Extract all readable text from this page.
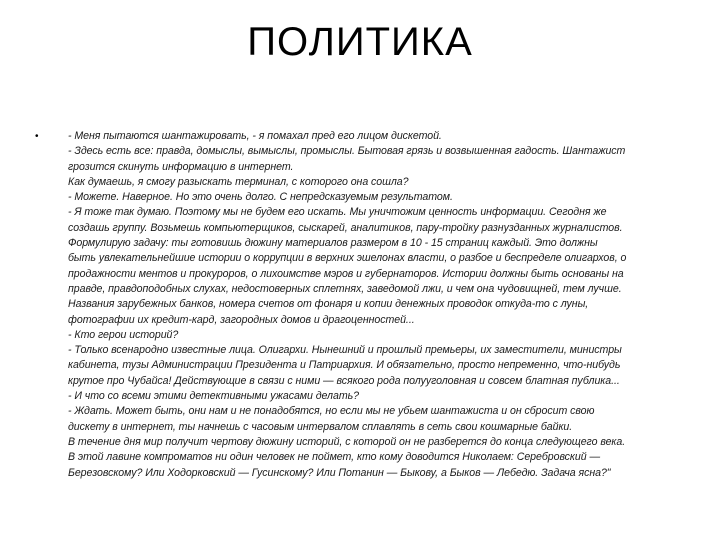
ПОЛИТИКА
•	- Меня пытаются шантажировать, - я помахал пред его лицом дискетой.
- Здесь есть все: правда, домыслы, вымыслы, промыслы. Бытовая грязь и возвышенная гадость. Шантажист
грозится скинуть информацию в интернет.
Как думаешь, я смогу разыскать терминал, с которого она сошла?
- Можете. Наверное. Но это очень долго. С непредсказуемым результатом.
- Я тоже так думаю. Поэтому мы не будем его искать. Мы уничтожим ценность информации. Сегодня же
создашь группу. Возьмешь компьютерщиков, сыскарей, аналитиков, пару-тройку разнузданных журналистов.
Формулирую задачу: ты готовишь дюжину материалов размером в 10 - 15 страниц каждый. Это должны
быть увлекательнейшие истории о коррупции в верхних эшелонах власти, о разбое и беспределе олигархов, о
продажности ментов и прокуроров, о лихоимстве мэров и губернаторов. Истории должны быть основаны на
правде, правдоподобных слухах, недостоверных сплетнях, заведомой лжи, и чем она чудовищней, тем лучше.
Названия зарубежных банков, номера счетов от фонаря и копии денежных проводок откуда-то с луны,
фотографии их кредит-кард, загородных домов и драгоценностей...
- Кто герои историй?
- Только всенародно известные лица. Олигархи. Нынешний и прошлый премьеры, их заместители, министры
кабинета, тузы Администрации Президента и Патриархия. И обязательно, просто непременно, что-нибудь
крутое про Чубайса! Действующие в связи с ними — всякого рода полууголовная и совсем блатная публика...
- И что со всеми этими детективными ужасами делать?
- Ждать. Может быть, они нам и не понадобятся, но если мы не убьем шантажиста и он сбросит свою
дискету в интернет, ты начнешь с часовым интервалом сплавлять в сеть свои кошмарные байки.
В течение дня мир получит чертову дюжину историй, с которой он не разберется до конца следующего века.
В этой лавине компроматов ни один человек не поймет, кто кому доводится Николаем: Серебровский —
Березовскому? Или Ходорковский — Гусинскому? Или Потанин — Быкову, а Быков — Лебедю. Задача ясна?"
